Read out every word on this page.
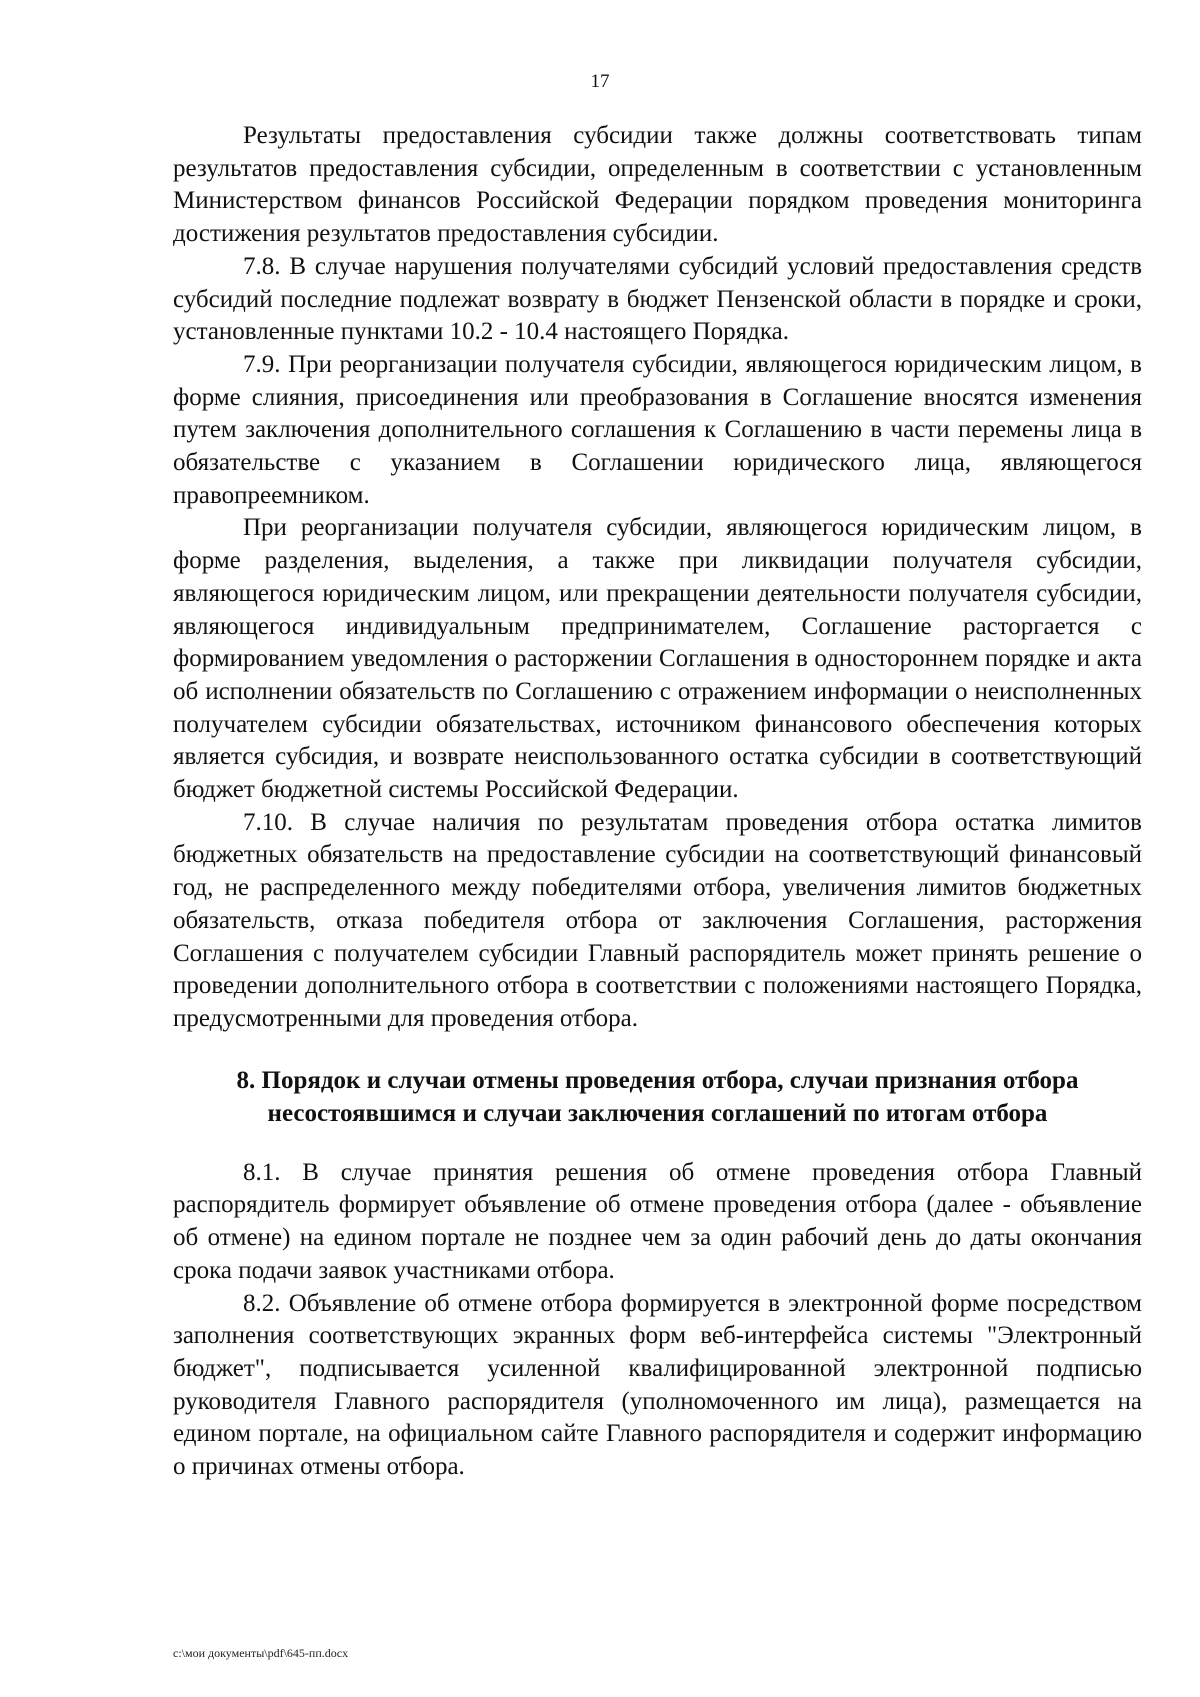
17

Результаты предоставления субсидии также должны соответствовать типам результатов предоставления субсидии, определенным в соответствии с установленным Министерством финансов Российской Федерации порядком проведения мониторинга достижения результатов предоставления субсидии.

7.8. В случае нарушения получателями субсидий условий предоставления средств субсидий последние подлежат возврату в бюджет Пензенской области в порядке и сроки, установленные пунктами 10.2 - 10.4 настоящего Порядка.

7.9. При реорганизации получателя субсидии, являющегося юридическим лицом, в форме слияния, присоединения или преобразования в Соглашение вносятся изменения путем заключения дополнительного соглашения к Соглашению в части перемены лица в обязательстве с указанием в Соглашении юридического лица, являющегося правопреемником.

При реорганизации получателя субсидии, являющегося юридическим лицом, в форме разделения, выделения, а также при ликвидации получателя субсидии, являющегося юридическим лицом, или прекращении деятельности получателя субсидии, являющегося индивидуальным предпринимателем, Соглашение расторгается с формированием уведомления о расторжении Соглашения в одностороннем порядке и акта об исполнении обязательств по Соглашению с отражением информации о неисполненных получателем субсидии обязательствах, источником финансового обеспечения которых является субсидия, и возврате неиспользованного остатка субсидии в соответствующий бюджет бюджетной системы Российской Федерации.

7.10. В случае наличия по результатам проведения отбора остатка лимитов бюджетных обязательств на предоставление субсидии на соответствующий финансовый год, не распределенного между победителями отбора, увеличения лимитов бюджетных обязательств, отказа победителя отбора от заключения Соглашения, расторжения Соглашения с получателем субсидии Главный распорядитель может принять решение о проведении дополнительного отбора в соответствии с положениями настоящего Порядка, предусмотренными для проведения отбора.

8. Порядок и случаи отмены проведения отбора, случаи признания отбора несостоявшимся и случаи заключения соглашений по итогам отбора

8.1. В случае принятия решения об отмене проведения отбора Главный распорядитель формирует объявление об отмене проведения отбора (далее - объявление об отмене) на едином портале не позднее чем за один рабочий день до даты окончания срока подачи заявок участниками отбора.

8.2. Объявление об отмене отбора формируется в электронной форме посредством заполнения соответствующих экранных форм веб-интерфейса системы "Электронный бюджет", подписывается усиленной квалифицированной электронной подписью руководителя Главного распорядителя (уполномоченного им лица), размещается на едином портале, на официальном сайте Главного распорядителя и содержит информацию о причинах отмены отбора.

c:\мои документы\pdf\645-пп.docx
